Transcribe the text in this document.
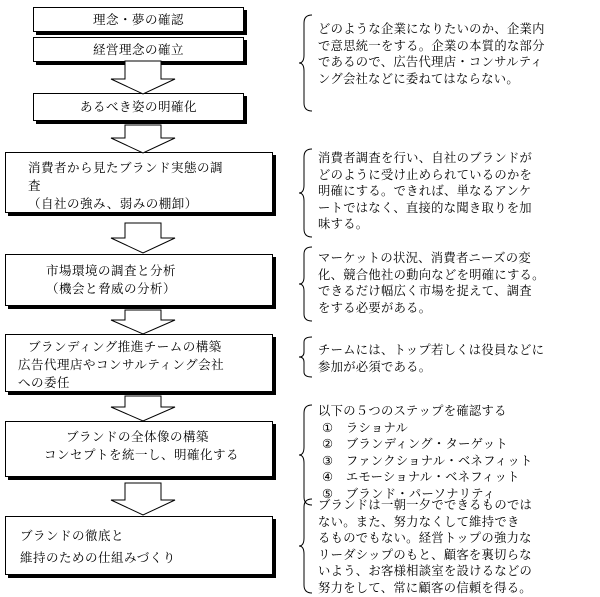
理念・夢の確認
経営理念の確立
あるべき姿の明確化
消費者から見たブランド実態の調
査
（自社の強み、弱みの棚卸）
市場環境の調査と分析
（機会と脅威の分析）
ブランディング推進チームの構築
広告代理店やコンサルティング会社
への委任
ブランドの全体像の構築
コンセプトを統一し、明確化する
ブランドの徹底と
維持のための仕組みづくり
どのような企業になりたいのか、企業内
で意思統一をする。企業の本質的な部分
であるので、広告代理店・コンサルティ
ング会社などに委ねてはならない。
消費者調査を行い、自社のブランドが
どのように受け止められているのかを
明確にする。できれば、単なるアンケ
ートではなく、直接的な聞き取りを加
味する。
マーケットの状況、消費者ニーズの変
化、競合他社の動向などを明確にする。
できるだけ幅広く市場を捉えて、調査
をする必要がある。
チームには、トップ若しくは役員などに
参加が必須である。
以下の５つのステップを確認する
①　ラショナル
②　ブランディング・ターゲット
③　ファンクショナル・ベネフィット
④　エモーショナル・ベネフィット
⑤　ブランド・パーソナリティ
ブランドは一朝一夕でできるものでは
ない。また、努力なくして維持でき
るものでもない。経営トップの強力な
リーダシップのもと、顧客を裏切らな
いよう、お客様相談室を設けるなどの
努力をして、常に顧客の信頼を得る。
